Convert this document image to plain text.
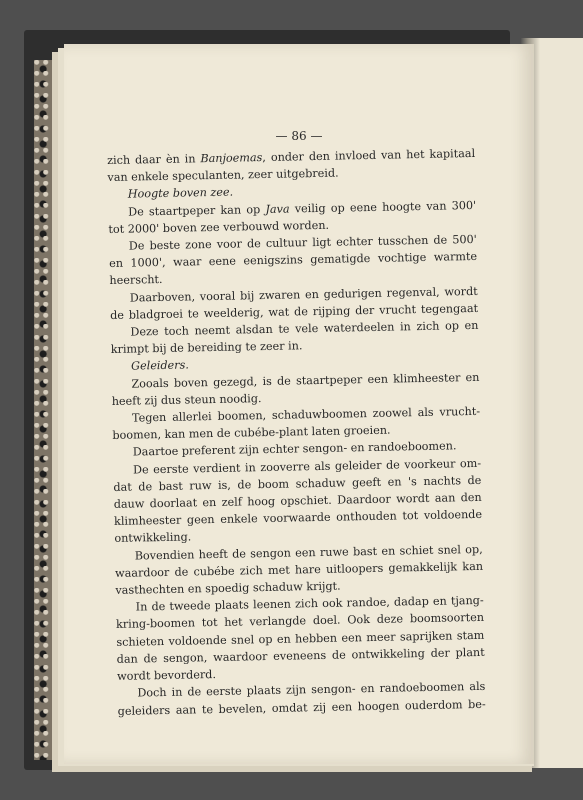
— 86 —
zich daar èn in Banjoemas, onder den invloed van het kapitaal
van enkele speculanten, zeer uitgebreid.
Hoogte boven zee.
De staartpeper kan op Java veilig op eene hoogte van 300'
tot 2000' boven zee verbouwd worden.
De beste zone voor de cultuur ligt echter tusschen de 500'
en 1000', waar eene eenigszins gematigde vochtige warmte
heerscht.
Daarboven, vooral bij zwaren en gedurigen regenval, wordt
de bladgroei te weelderig, wat de rijping der vrucht tegengaat
Deze toch neemt alsdan te vele waterdeelen in zich op en
krimpt bij de bereiding te zeer in.
Geleiders.
Zooals boven gezegd, is de staartpeper een klimheester en
heeft zij dus steun noodig.
Tegen allerlei boomen, schaduwboomen zoowel als vrucht-
boomen, kan men de cubébe-plant laten groeien.
Daartoe preferent zijn echter sengon- en randoeboomen.
De eerste verdient in zooverre als geleider de voorkeur om-
dat de bast ruw is, de boom schaduw geeft en 's nachts de
dauw doorlaat en zelf hoog opschiet. Daardoor wordt aan den
klimheester geen enkele voorwaarde onthouden tot voldoende
ontwikkeling.
Bovendien heeft de sengon een ruwe bast en schiet snel op,
waardoor de cubébe zich met hare uitloopers gemakkelijk kan
vasthechten en spoedig schaduw krijgt.
In de tweede plaats leenen zich ook randoe, dadap en tjang-
kring-boomen tot het verlangde doel. Ook deze boomsoorten
schieten voldoende snel op en hebben een meer saprijken stam
dan de sengon, waardoor eveneens de ontwikkeling der plant
wordt bevorderd.
Doch in de eerste plaats zijn sengon- en randoeboomen als
geleiders aan te bevelen, omdat zij een hoogen ouderdom be-
